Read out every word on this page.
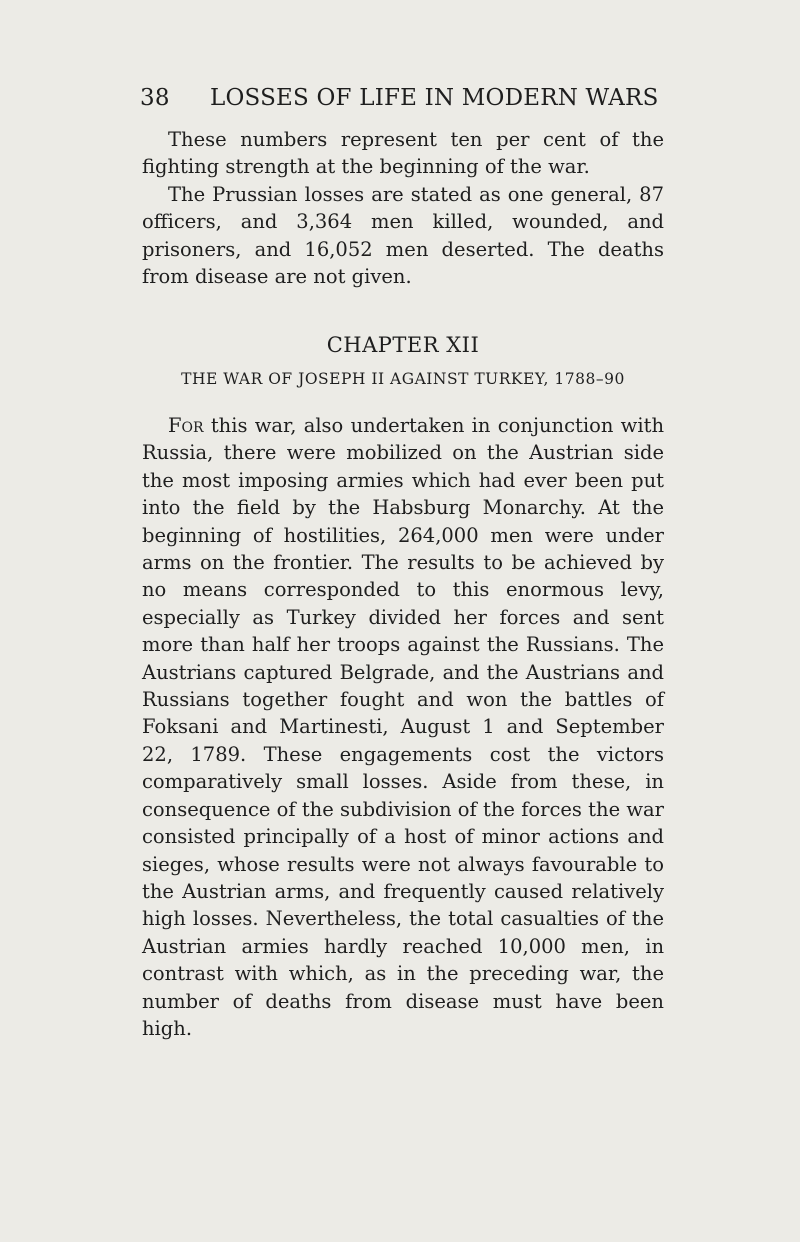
38 LOSSES OF LIFE IN MODERN WARS

These numbers represent ten per cent of the fighting strength at the beginning of the war.

The Prussian losses are stated as one general, 87 officers, and 3,364 men killed, wounded, and prisoners, and 16,052 men deserted. The deaths from disease are not given.

CHAPTER XII
THE WAR OF JOSEPH II AGAINST TURKEY, 1788–90

For this war, also undertaken in conjunction with Russia, there were mobilized on the Austrian side the most imposing armies which had ever been put into the field by the Habsburg Monarchy. At the beginning of hostilities, 264,000 men were under arms on the frontier. The results to be achieved by no means corresponded to this enormous levy, especially as Turkey divided her forces and sent more than half her troops against the Russians. The Austrians captured Belgrade, and the Austrians and Russians together fought and won the battles of Foksani and Martinesti, August 1 and September 22, 1789. These engagements cost the victors comparatively small losses. Aside from these, in consequence of the subdivision of the forces the war consisted principally of a host of minor actions and sieges, whose results were not always favourable to the Austrian arms, and frequently caused relatively high losses. Nevertheless, the total casualties of the Austrian armies hardly reached 10,000 men, in contrast with which, as in the preceding war, the number of deaths from disease must have been high.
